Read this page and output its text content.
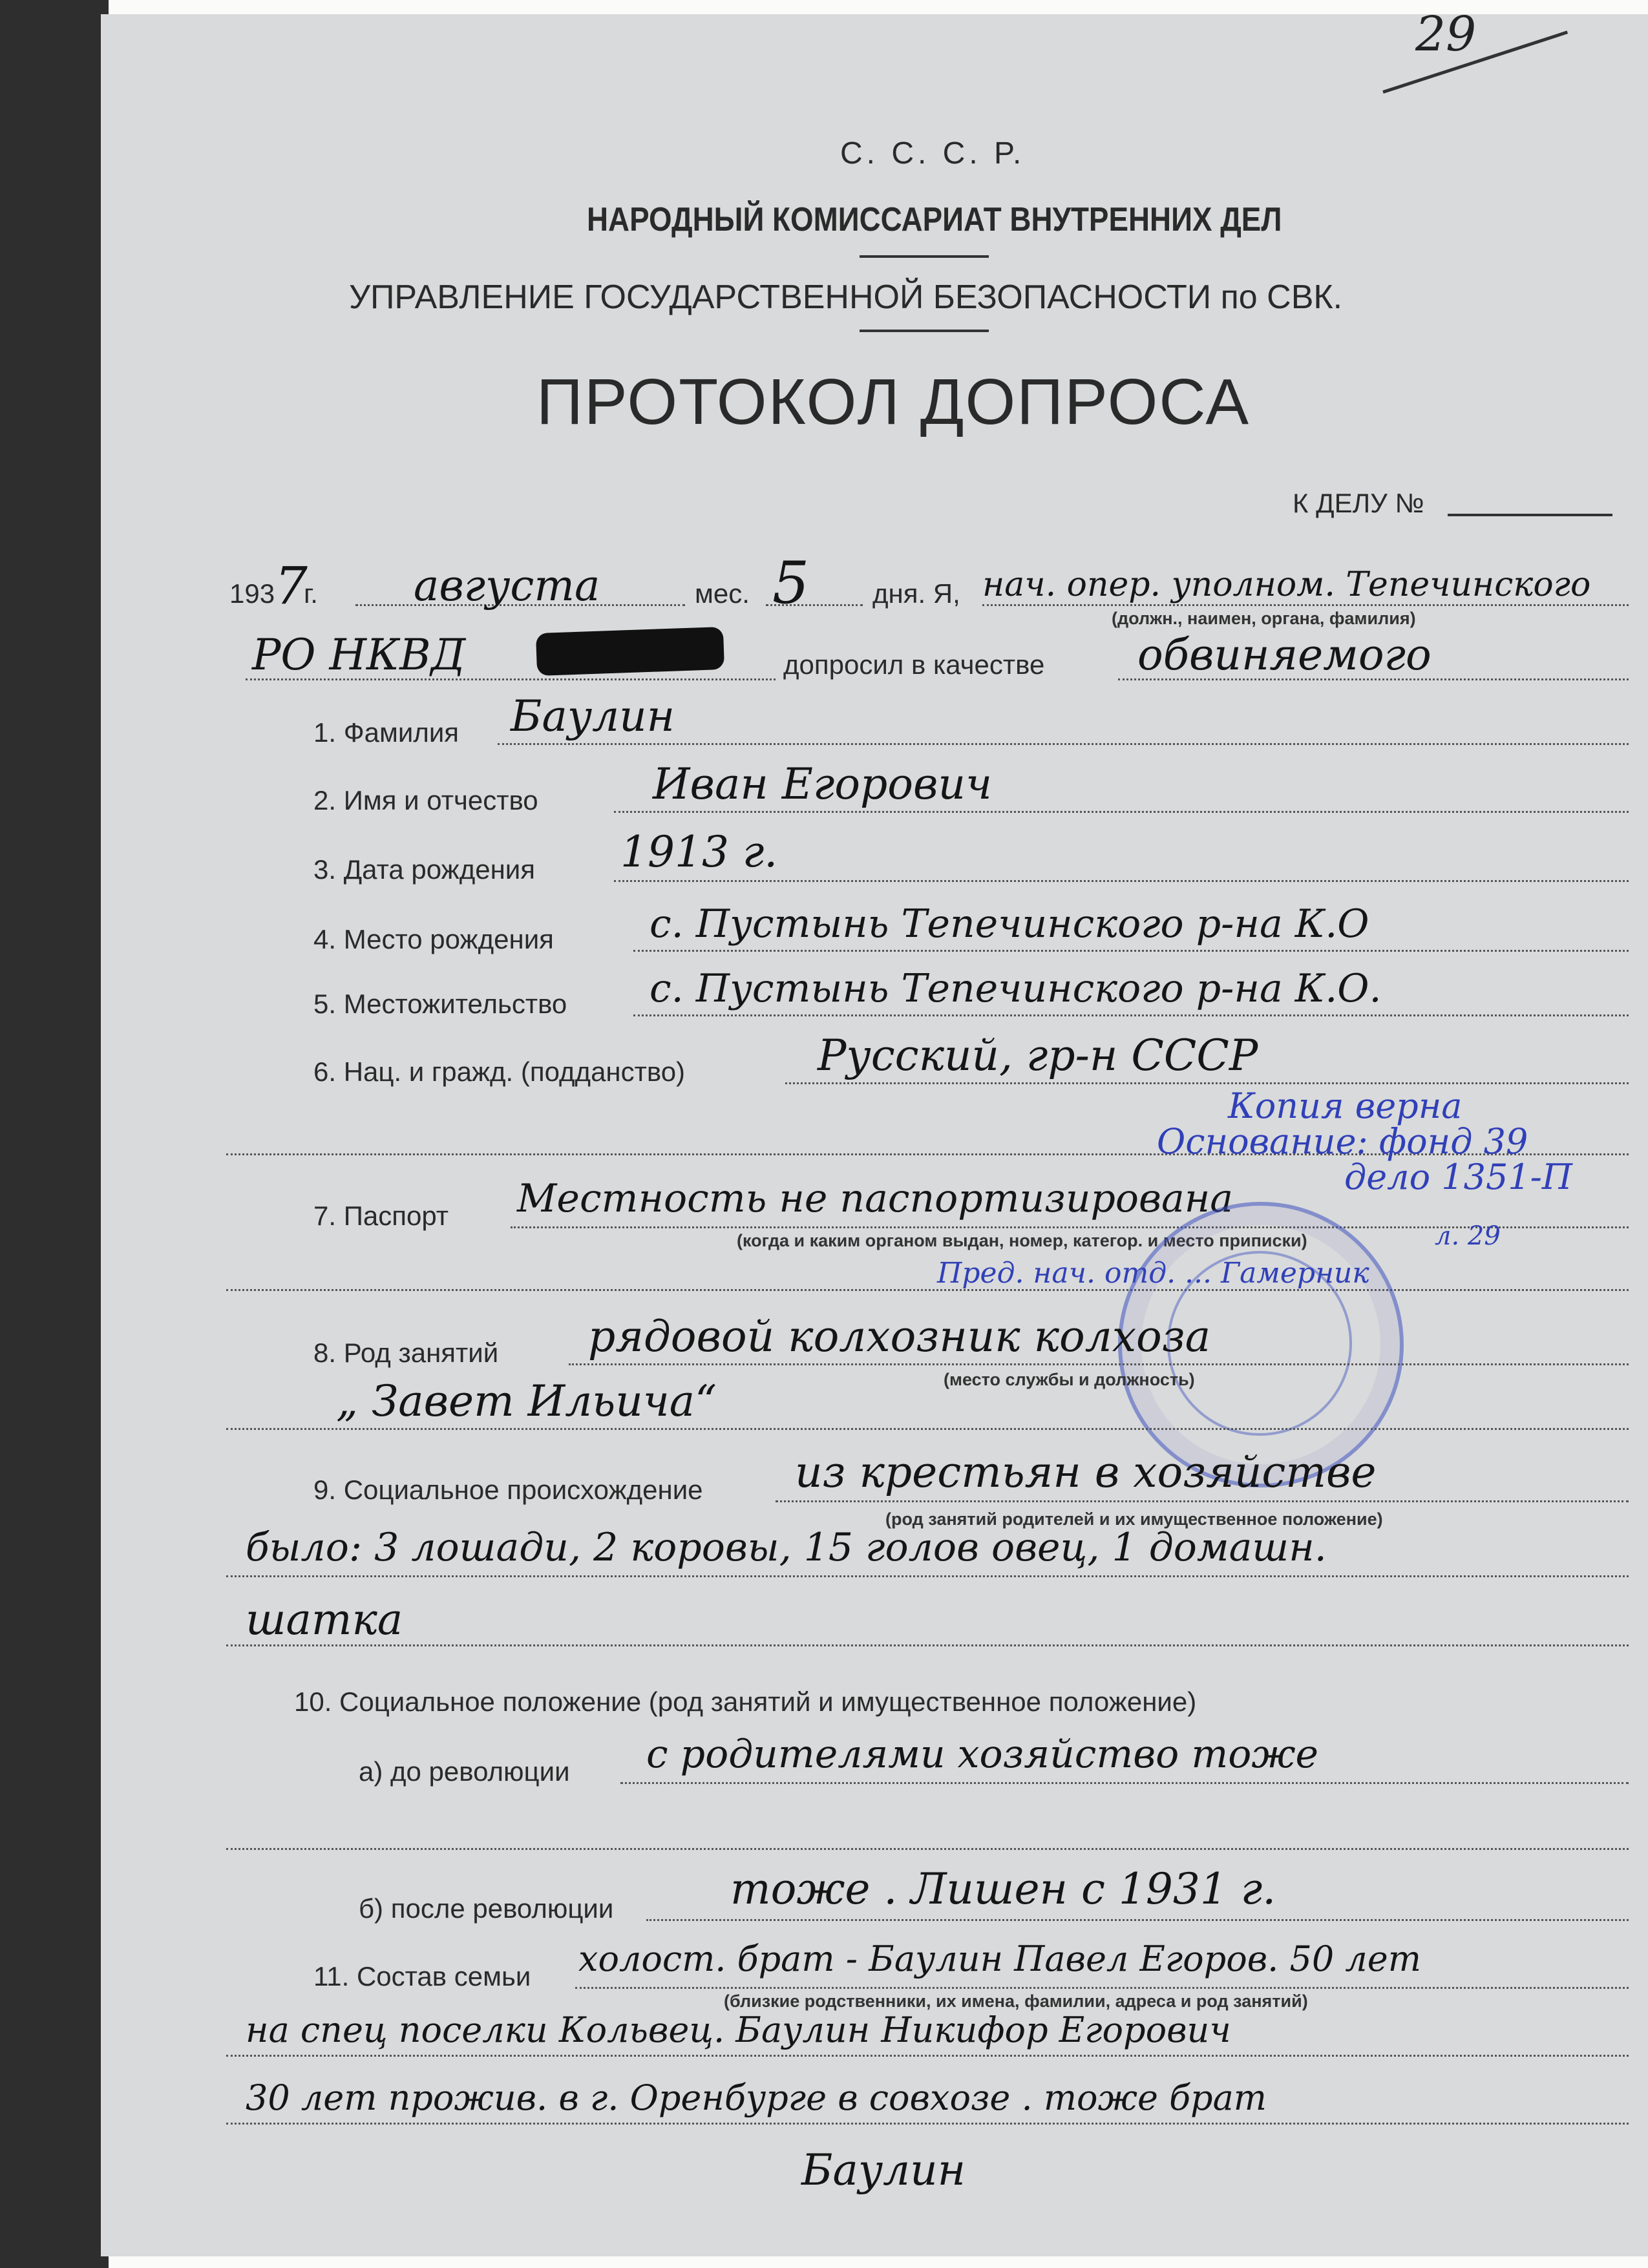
29
С. С. С. Р.
НАРОДНЫЙ КОМИССАРИАТ ВНУТРЕННИХ ДЕЛ
УПРАВЛЕНИЕ ГОСУДАРСТВЕННОЙ БЕЗОПАСНОСТИ по СВК.
ПРОТОКОЛ ДОПРОСА
К ДЕЛУ №
193 7
г. августа	мес. 5 дня. Я, нач. опер. уполном. Тепечинского
(должн., наимен, органа, фамилия)
РО НКВД	допросил в качестве обвиняемого
1. Фамилия Баулин
2. Имя и отчество	Иван Егорович
3. Дата рождения 1913 г.
4. Место рождения с. Пустынь Тепечинского р-на К.О
5. Местожительство с. Пустынь Тепечинского р-на К.О.
6. Нац. и гражд. (подданство)	Русский, гр-н СССР
Копия верна
Основание: фонд 39
дело 1351-П
7. Паспорт Местность не паспортизирована
(когда и каким органом выдан, номер, категор. и место приписки)	л. 29
Пред. нач. отд. ... Гамерник
8. Род занятий рядовой колхозник колхоза
(место службы и должность)
„ Завет Ильича“
9. Социальное происхождение из крестьян в хозяйстве
(род занятий родителей и их имущественное положение)
было: 3 лошади, 2 коровы, 15 голов овец, 1 домашн.
шатка
10. Социальное положение (род занятий и имущественное положение)
а) до революции с родителями хозяйство тоже
б) после революции	тоже . Лишен с 1931 г.
11. Состав семьи холост. брат - Баулин Павел Егоров. 50 лет
(близкие родственники, их имена, фамилии, адреса и род занятий)
на спец поселки Кольвец. Баулин Никифор Егорович
30 лет прожив. в г. Оренбурге в совхозе . тоже брат
Баулин
